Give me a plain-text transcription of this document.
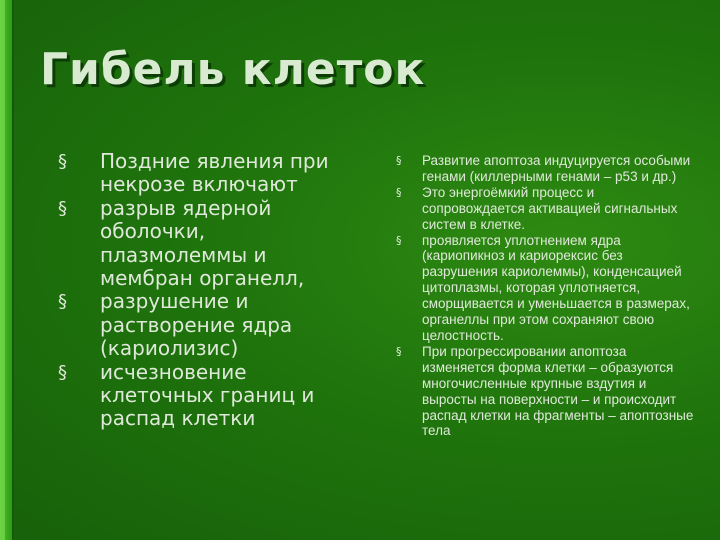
Гибель клеток
§ Поздние явления при некрозе включают
§ разрыв ядерной оболочки, плазмолеммы и мембран органелл,
§ разрушение и растворение ядра (кариолизис)
§ исчезновение клеточных границ и распад клетки
§ Развитие апоптоза индуцируется особыми генами (киллерными генами – р53 и др.)
§ Это энергоёмкий процесс и сопровождается активацией сигнальных систем в клетке.
§ проявляется уплотнением ядра (кариопикноз и кариорексис без разрушения кариолеммы), конденсацией цитоплазмы, которая уплотняется, сморщивается и уменьшается в размерах, органеллы при этом сохраняют свою целостность.
§ При прогрессировании апоптоза изменяется форма клетки – образуются многочисленные крупные вздутия и выросты на поверхности – и происходит распад клетки на фрагменты – апоптозные тела
